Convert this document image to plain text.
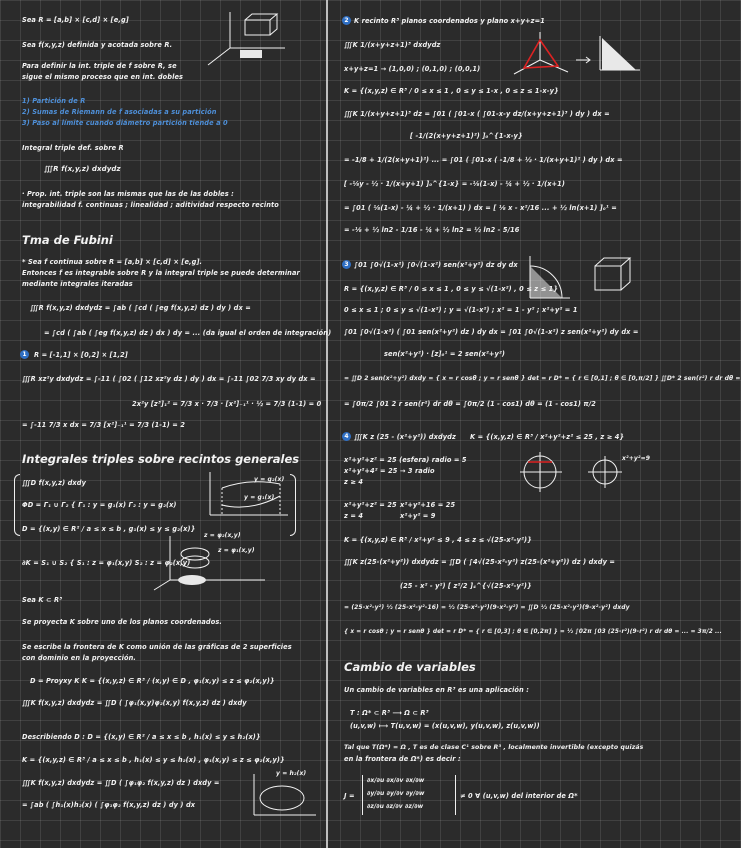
Sea R = [a,b] × [c,d] × [e,g]
Sea f(x,y,z) definida y acotada sobre R.
Para definir la int. triple de f sobre R, se
sigue el mismo proceso que en int. dobles
1) Partición de R
2) Sumas de Riemann de f asociadas a su partición
3) Paso al límite cuando diámetro partición tiende a 0
Integral triple def. sobre R
∭R f(x,y,z) dxdydz
· Prop. int. triple son las mismas que las de las dobles :
integrabilidad f. continuas ; linealidad ; aditividad respecto recinto
Tma de Fubini
* Sea f continua sobre R = [a,b] × [c,d] × [e,g].
Entonces f es integrable sobre R y la integral triple se puede determinar
mediante integrales iteradas
∭R f(x,y,z) dxdydz = ∫ab ( ∫cd ( ∫eg f(x,y,z) dz ) dy ) dx =
= ∫cd ( ∫ab ( ∫eg f(x,y,z) dz ) dx ) dy = ... (da igual el orden de integración)
1	R = [-1,1] × [0,2] × [1,2]
∭R xz²y dxdydz = ∫-11 ( ∫02 ( ∫12 xz²y dz ) dy ) dx = ∫-11 ∫02 7/3 xy dy dx =
2x²y [z³]₁² = 7/3 x · 7/3 · [x²]₋₁¹ · ½ = 7/3 (1-1) = 0
= ∫-11 7/3 x dx = 7/3 [x²]₋₁¹ = 7/3 (1-1) = 2
Integrales triples sobre recintos generales
∭D f(x,y,z) dxdy
ΦD = Γ₁ ∪ Γ₂ { Γ₁ : y = g₁(x) Γ₂ : y = g₂(x)
D = {(x,y) ∈ R² / a ≤ x ≤ b , g₁(x) ≤ y ≤ g₂(x)}
y = g₂(x)
y = g₁(x)
∂K = S₁ ∪ S₂ { S₁ : z = φ₁(x,y) S₂ : z = φ₂(x,y)
z = φ₂(x,y)
z = φ₁(x,y)
Sea K ⊂ R³
Se proyecta K sobre uno de los planos coordenados.
Se escribe la frontera de K como unión de las gráficas de 2 superficies
con dominio en la proyección.
D = Proyxy K K = {(x,y,z) ∈ R³ / (x,y) ∈ D , φ₁(x,y) ≤ z ≤ φ₂(x,y)}
∭K f(x,y,z) dxdydz = ∬D ( ∫φ₁(x,y)φ₂(x,y) f(x,y,z) dz ) dxdy
Describiendo D : D = {(x,y) ∈ R² / a ≤ x ≤ b , h₁(x) ≤ y ≤ h₂(x)}
K = {(x,y,z) ∈ R³ / a ≤ x ≤ b , h₁(x) ≤ y ≤ h₂(x) , φ₁(x,y) ≤ z ≤ φ₂(x,y)}
∭K f(x,y,z) dxdydz = ∬D ( ∫φ₁φ₂ f(x,y,z) dz ) dxdy =
= ∫ab ( ∫h₁(x)h₂(x) ( ∫φ₁φ₂ f(x,y,z) dz ) dy ) dx
y = h₂(x)
2 K recinto R³ planos coordenados y plano x+y+z=1
∭K 1/(x+y+z+1)³ dxdydz
x+y+z=1 → (1,0,0) ; (0,1,0) ; (0,0,1)
K = {(x,y,z) ∈ R³ / 0 ≤ x ≤ 1 , 0 ≤ y ≤ 1-x , 0 ≤ z ≤ 1-x-y}
∭K 1/(x+y+z+1)³ dz = ∫01 ( ∫01-x ( ∫01-x-y dz/(x+y+z+1)³ ) dy ) dx =
[ -1/(2(x+y+z+1)²) ]₀^{1-x-y}
= -1/8 + 1/(2(x+y+1)²) ... = ∫01 ( ∫01-x ( -1/8 + ½ · 1/(x+y+1)² ) dy ) dx =
[ -⅛y - ½ · 1/(x+y+1) ]₀^{1-x} = -⅛(1-x) - ¼ + ½ · 1/(x+1)
= ∫01 ( ⅛(1-x) - ¼ + ½ · 1/(x+1) ) dx = [ ⅛ x - x²/16 ... + ½ ln(x+1) ]₀¹ =
= -⅛ + ½ ln2 - 1/16 - ¼ + ½ ln2 = ½ ln2 - 5/16
3 ∫01 ∫0√(1-x²) ∫0√(1-x²) sen(x²+y²) dz dy dx
R = {(x,y,z) ∈ R³ / 0 ≤ x ≤ 1 , 0 ≤ y ≤ √(1-x²) , 0 ≤ z ≤ 1}
0 ≤ x ≤ 1 ; 0 ≤ y ≤ √(1-x²) ; y = √(1-x²) ; x² = 1 - y² ; x²+y² = 1
∫01 ∫0√(1-x²) ( ∫01 sen(x²+y²) dz ) dy dx = ∫01 ∫0√(1-x²) z sen(x²+y²) dy dx =
sen(x²+y²) · [z]₀¹ = 2 sen(x²+y²)
= ∬D 2 sen(x²+y²) dxdy = { x = r cosθ ; y = r senθ } det = r D* = { r ∈ [0,1] ; θ ∈ [0,π/2] } ∬D* 2 sen(r²) r dr dθ =
= ∫0π/2 ∫01 2 r sen(r²) dr dθ = ∫0π/2 (1 - cos1) dθ = (1 - cos1) π/2
4 ∭K z (25 - (x²+y²)) dxdydz K = {(x,y,z) ∈ R³ / x²+y²+z² ≤ 25 , z ≥ 4}
x²+y²+z² = 25 (esfera) radio = 5
x²+y²+4² = 25 → 3 radio
z ≥ 4
x²+y²+z² = 25 x²+y²+16 = 25
z = 4	x²+y² = 9
x²+y²=9
K = {(x,y,z) ∈ R³ / x²+y² ≤ 9 , 4 ≤ z ≤ √(25-x²-y²)}
∭K z(25-(x²+y²)) dxdydz = ∬D ( ∫4√(25-x²-y²) z(25-(x²+y²)) dz ) dxdy =
(25 - x² - y²) [ z²/2 ]₄^{√(25-x²-y²)}
= (25-x²-y²) ½ (25-x²-y²-16) = ½ (25-x²-y²)(9-x²-y²) = ∬D ½ (25-x²-y²)(9-x²-y²) dxdy
{ x = r cosθ ; y = r senθ } det = r D* = { r ∈ [0,3] ; θ ∈ [0,2π] } = ½ ∫02π ∫03 (25-r²)(9-r²) r dr dθ = ... = 3π/2 ...
Cambio de variables
Un cambio de variables en R³ es una aplicación :
T : Ω* ⊂ R³ ⟶ Ω ⊂ R³
(u,v,w) ⟼ T(u,v,w) = (x(u,v,w), y(u,v,w), z(u,v,w))
Tal que T(Ω*) = Ω , T es de clase C¹ sobre R³ , localmente invertible (excepto quizás
en la frontera de Ω*) es decir :
J =
∂x/∂u ∂x/∂v ∂x/∂w
∂y/∂u ∂y/∂v ∂y/∂w
∂z/∂u ∂z/∂v ∂z/∂w
≠ 0 ∀ (u,v,w) del interior de Ω*
